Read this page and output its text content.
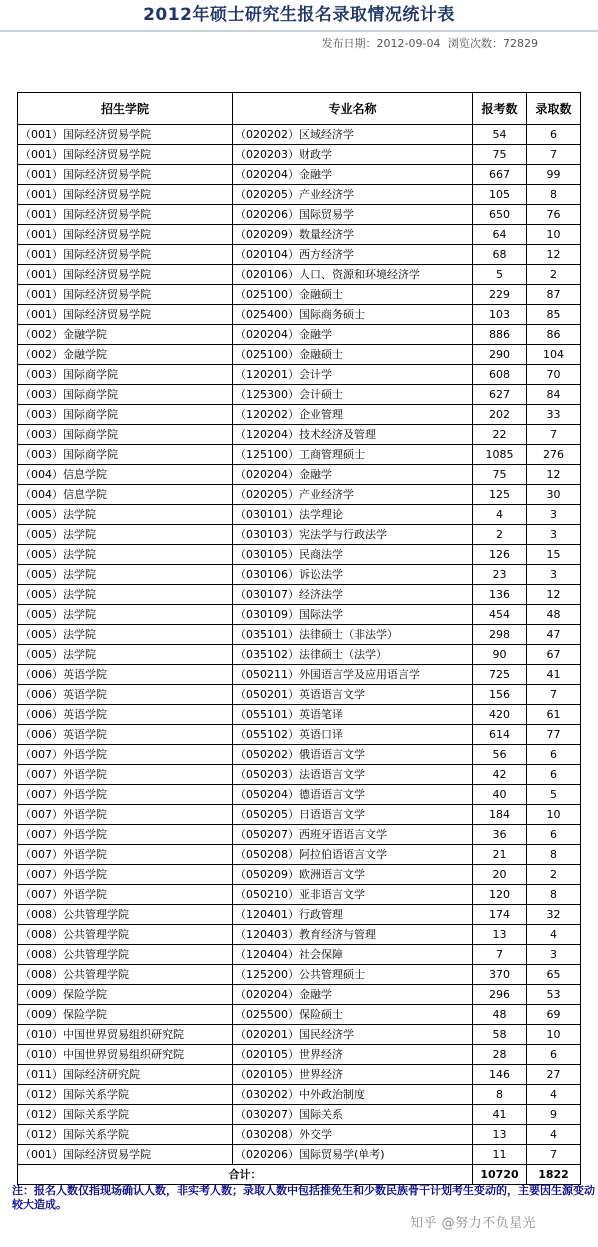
2012年硕士研究生报名录取情况统计表
发布日期：2012-09-04 浏览次数：72829
招生学院	专业名称	报考数	录取数
（001）国际经济贸易学院	（020202）区域经济学	54	6
（001）国际经济贸易学院	（020203）财政学	75	7
（001）国际经济贸易学院	（020204）金融学	667	99
（001）国际经济贸易学院	（020205）产业经济学	105	8
（001）国际经济贸易学院	（020206）国际贸易学	650	76
（001）国际经济贸易学院	（020209）数量经济学	64	10
（001）国际经济贸易学院	（020104）西方经济学	68	12
（001）国际经济贸易学院	（020106）人口、资源和环境经济学	5	2
（001）国际经济贸易学院	（025100）金融硕士	229	87
（001）国际经济贸易学院	（025400）国际商务硕士	103	85
（002）金融学院	（020204）金融学	886	86
（002）金融学院	（025100）金融硕士	290	104
（003）国际商学院	（120201）会计学	608	70
（003）国际商学院	（125300）会计硕士	627	84
（003）国际商学院	（120202）企业管理	202	33
（003）国际商学院	（120204）技术经济及管理	22	7
（003）国际商学院	（125100）工商管理硕士	1085	276
（004）信息学院	（020204）金融学	75	12
（004）信息学院	（020205）产业经济学	125	30
（005）法学院	（030101）法学理论	4	3
（005）法学院	（030103）宪法学与行政法学	2	3
（005）法学院	（030105）民商法学	126	15
（005）法学院	（030106）诉讼法学	23	3
（005）法学院	（030107）经济法学	136	12
（005）法学院	（030109）国际法学	454	48
（005）法学院	（035101）法律硕士（非法学）	298	47
（005）法学院	（035102）法律硕士（法学）	90	67
（006）英语学院	（050211）外国语言学及应用语言学	725	41
（006）英语学院	（050201）英语语言文学	156	7
（006）英语学院	（055101）英语笔译	420	61
（006）英语学院	（055102）英语口译	614	77
（007）外语学院	（050202）俄语语言文学	56	6
（007）外语学院	（050203）法语语言文学	42	6
（007）外语学院	（050204）德语语言文学	40	5
（007）外语学院	（050205）日语语言文学	184	10
（007）外语学院	（050207）西班牙语语言文学	36	6
（007）外语学院	（050208）阿拉伯语语言文学	21	8
（007）外语学院	（050209）欧洲语言文学	20	2
（007）外语学院	（050210）亚非语言文学	120	8
（008）公共管理学院	（120401）行政管理	174	32
（008）公共管理学院	（120403）教育经济与管理	13	4
（008）公共管理学院	（120404）社会保障	7	3
（008）公共管理学院	（125200）公共管理硕士	370	65
（009）保险学院	（020204）金融学	296	53
（009）保险学院	（025500）保险硕士	48	69
（010）中国世界贸易组织研究院	（020201）国民经济学	58	10
（010）中国世界贸易组织研究院	（020105）世界经济	28	6
（011）国际经济研究院	（020105）世界经济	146	27
（012）国际关系学院	（030202）中外政治制度	8	4
（012）国际关系学院	（030207）国际关系	41	9
（012）国际关系学院	（030208）外交学	13	4
（001）国际经济贸易学院	（020206）国际贸易学(单考)	11	7
合计：		10720	1822
注：报名人数仅指现场确认人数，非实考人数；录取人数中包括推免生和少数民族骨干计划考生变动的，主要因生源变动较大造成。
知乎 @努力不负星光
